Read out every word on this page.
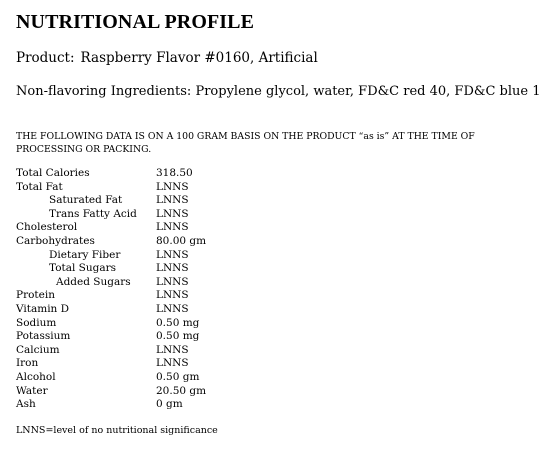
NUTRITIONAL PROFILE
Product: Raspberry Flavor #0160, Artificial
Non-flavoring Ingredients: Propylene glycol, water, FD&C red 40, FD&C blue 1
THE FOLLOWING DATA IS ON A 100 GRAM BASIS ON THE PRODUCT “as is” AT THE TIME OF PROCESSING OR PACKING.
Total Calories	318.50
Total Fat	LNNS
Saturated Fat	LNNS
Trans Fatty Acid LNNS
Cholesterol	LNNS
Carbohydrates	80.00 gm
Dietary Fiber	LNNS
Total Sugars	LNNS
Added Sugars LNNS
Protein	LNNS
Vitamin D	LNNS
Sodium	0.50 mg
Potassium	0.50 mg
Calcium	LNNS
Iron	LNNS
Alcohol	0.50 gm
Water	20.50 gm
Ash	0 gm
LNNS=level of no nutritional significance
